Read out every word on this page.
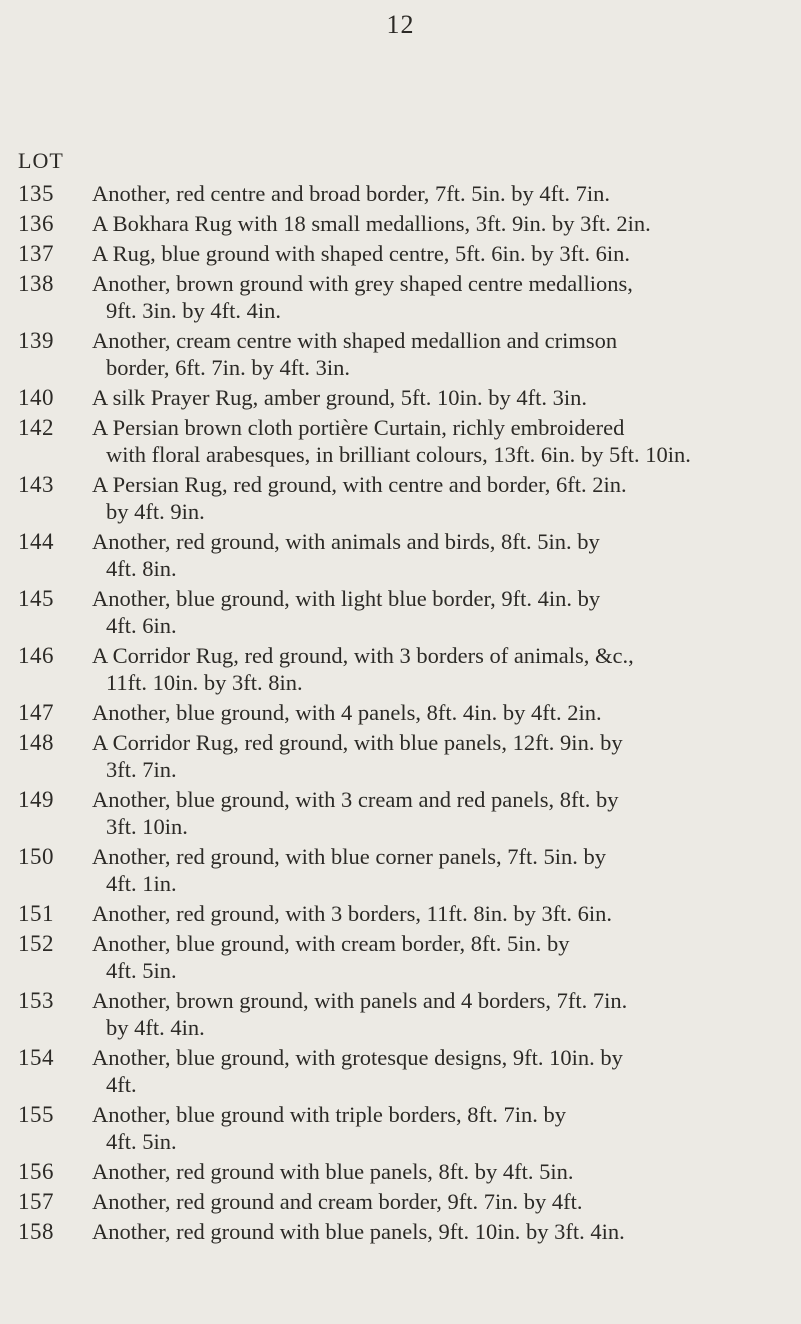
12
LOT
135	Another, red centre and broad border, 7ft. 5in. by 4ft. 7in.
136	A Bokhara Rug with 18 small medallions, 3ft. 9in. by 3ft. 2in.
137	A Rug, blue ground with shaped centre, 5ft. 6in. by 3ft. 6in.
138	Another, brown ground with grey shaped centre medallions,
9ft. 3in. by 4ft. 4in.
139	Another, cream centre with shaped medallion and crimson
border, 6ft. 7in. by 4ft. 3in.
140	A silk Prayer Rug, amber ground, 5ft. 10in. by 4ft. 3in.
142	A Persian brown cloth portière Curtain, richly embroidered
with floral arabesques, in brilliant colours, 13ft. 6in. by 5ft. 10in.
143	A Persian Rug, red ground, with centre and border, 6ft. 2in.
by 4ft. 9in.
144	Another, red ground, with animals and birds, 8ft. 5in. by
4ft. 8in.
145	Another, blue ground, with light blue border, 9ft. 4in. by
4ft. 6in.
146	A Corridor Rug, red ground, with 3 borders of animals, &c.,
11ft. 10in. by 3ft. 8in.
147	Another, blue ground, with 4 panels, 8ft. 4in. by 4ft. 2in.
148	A Corridor Rug, red ground, with blue panels, 12ft. 9in. by
3ft. 7in.
149	Another, blue ground, with 3 cream and red panels, 8ft. by
3ft. 10in.
150	Another, red ground, with blue corner panels, 7ft. 5in. by
4ft. 1in.
151	Another, red ground, with 3 borders, 11ft. 8in. by 3ft. 6in.
152	Another, blue ground, with cream border, 8ft. 5in. by
4ft. 5in.
153	Another, brown ground, with panels and 4 borders, 7ft. 7in.
by 4ft. 4in.
154	Another, blue ground, with grotesque designs, 9ft. 10in. by
4ft.
155	Another, blue ground with triple borders, 8ft. 7in. by
4ft. 5in.
156	Another, red ground with blue panels, 8ft. by 4ft. 5in.
157	Another, red ground and cream border, 9ft. 7in. by 4ft.
158	Another, red ground with blue panels, 9ft. 10in. by 3ft. 4in.
